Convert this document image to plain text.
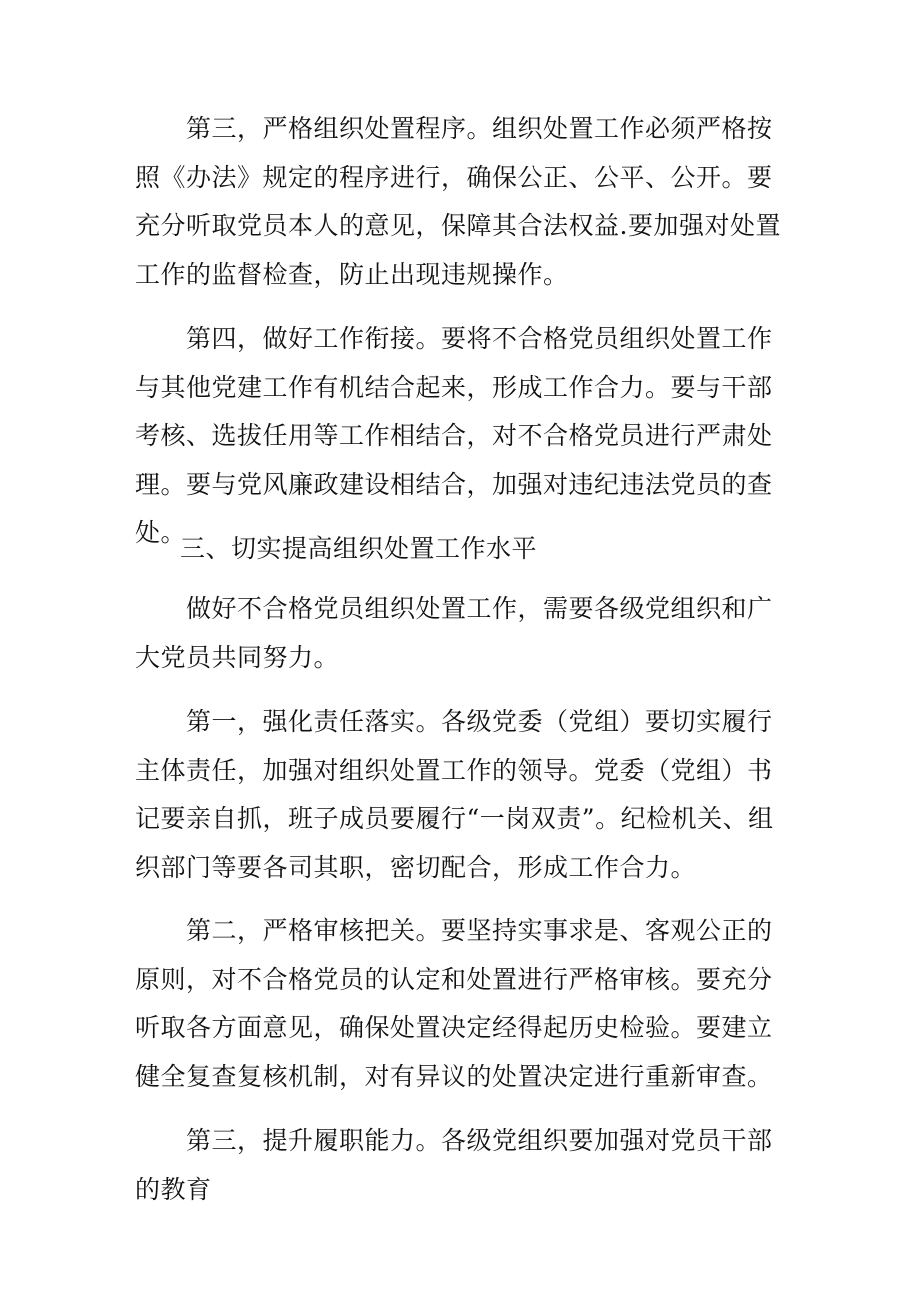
　　第三，严格组织处置程序。组织处置工作必须严格按照《办法》规定的程序进行，确保公正、公平、公开。要充分听取党员本人的意见，保障其合法权益.要加强对处置工作的监督检查，防止出现违规操作。

　　第四，做好工作衔接。要将不合格党员组织处置工作与其他党建工作有机结合起来，形成工作合力。要与干部考核、选拔任用等工作相结合，对不合格党员进行严肃处理。要与党风廉政建设相结合，加强对违纪违法党员的查处。

三、切实提高组织处置工作水平

　　做好不合格党员组织处置工作，需要各级党组织和广大党员共同努力。

　　第一，强化责任落实。各级党委（党组）要切实履行主体责任，加强对组织处置工作的领导。党委（党组）书记要亲自抓，班子成员要履行“一岗双责”。纪检机关、组织部门等要各司其职，密切配合，形成工作合力。

　　第二，严格审核把关。要坚持实事求是、客观公正的原则，对不合格党员的认定和处置进行严格审核。要充分听取各方面意见，确保处置决定经得起历史检验。要建立健全复查复核机制，对有异议的处置决定进行重新审查。

　　第三，提升履职能力。各级党组织要加强对党员干部的教育
